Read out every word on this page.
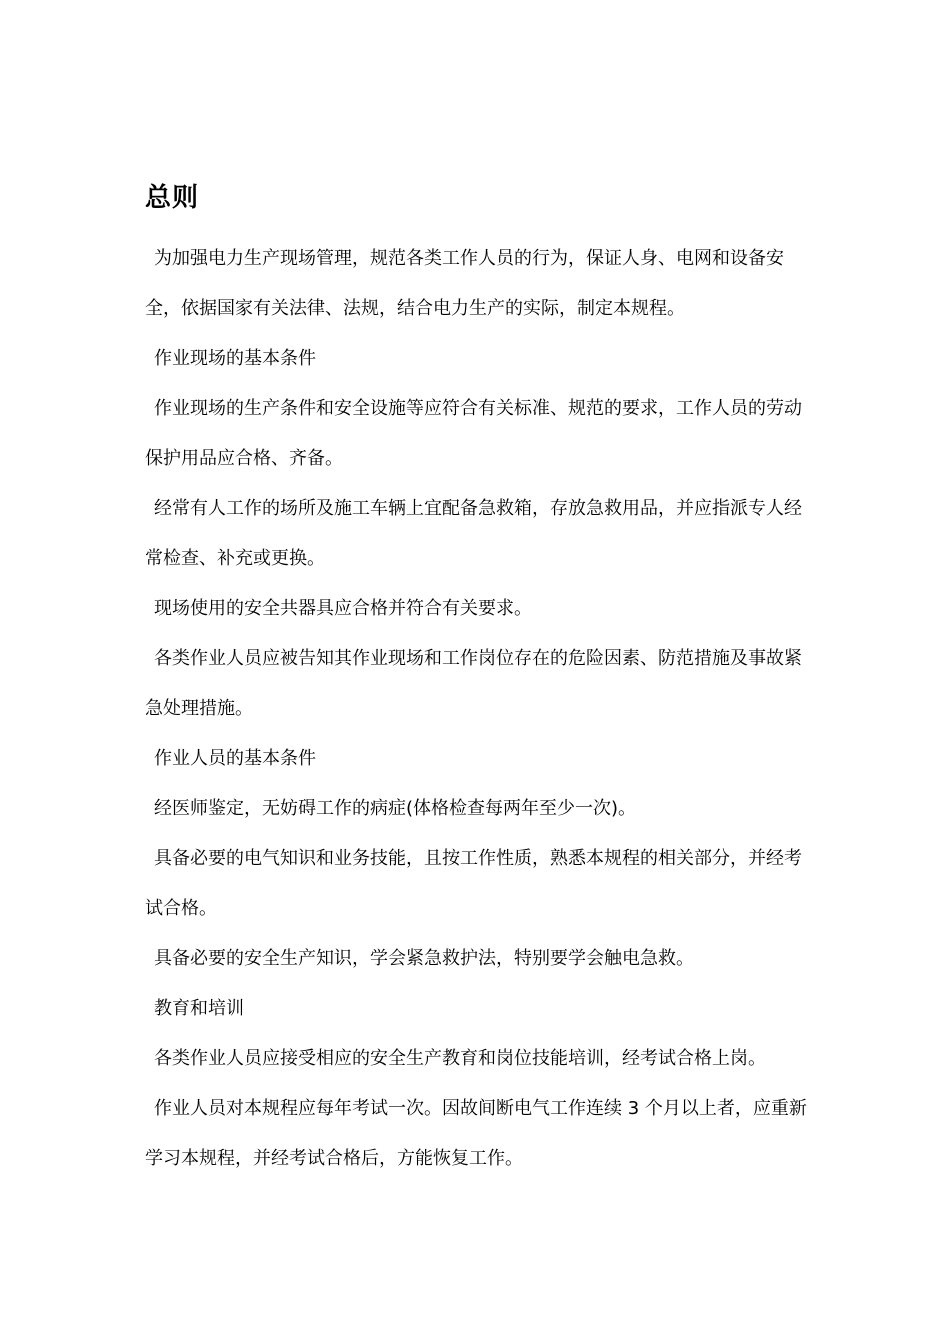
总则

为加强电力生产现场管理，规范各类工作人员的行为，保证人身、电网和设备安全，依据国家有关法律、法规，结合电力生产的实际，制定本规程。

作业现场的基本条件

作业现场的生产条件和安全设施等应符合有关标准、规范的要求，工作人员的劳动保护用品应合格、齐备。

经常有人工作的场所及施工车辆上宜配备急救箱，存放急救用品，并应指派专人经常检查、补充或更换。

现场使用的安全共器具应合格并符合有关要求。

各类作业人员应被告知其作业现场和工作岗位存在的危险因素、防范措施及事故紧急处理措施。

作业人员的基本条件

经医师鉴定，无妨碍工作的病症(体格检查每两年至少一次)。

具备必要的电气知识和业务技能，且按工作性质，熟悉本规程的相关部分，并经考试合格。

具备必要的安全生产知识，学会紧急救护法，特别要学会触电急救。

教育和培训

各类作业人员应接受相应的安全生产教育和岗位技能培训，经考试合格上岗。

作业人员对本规程应每年考试一次。因故间断电气工作连续 3 个月以上者，应重新学习本规程，并经考试合格后，方能恢复工作。
